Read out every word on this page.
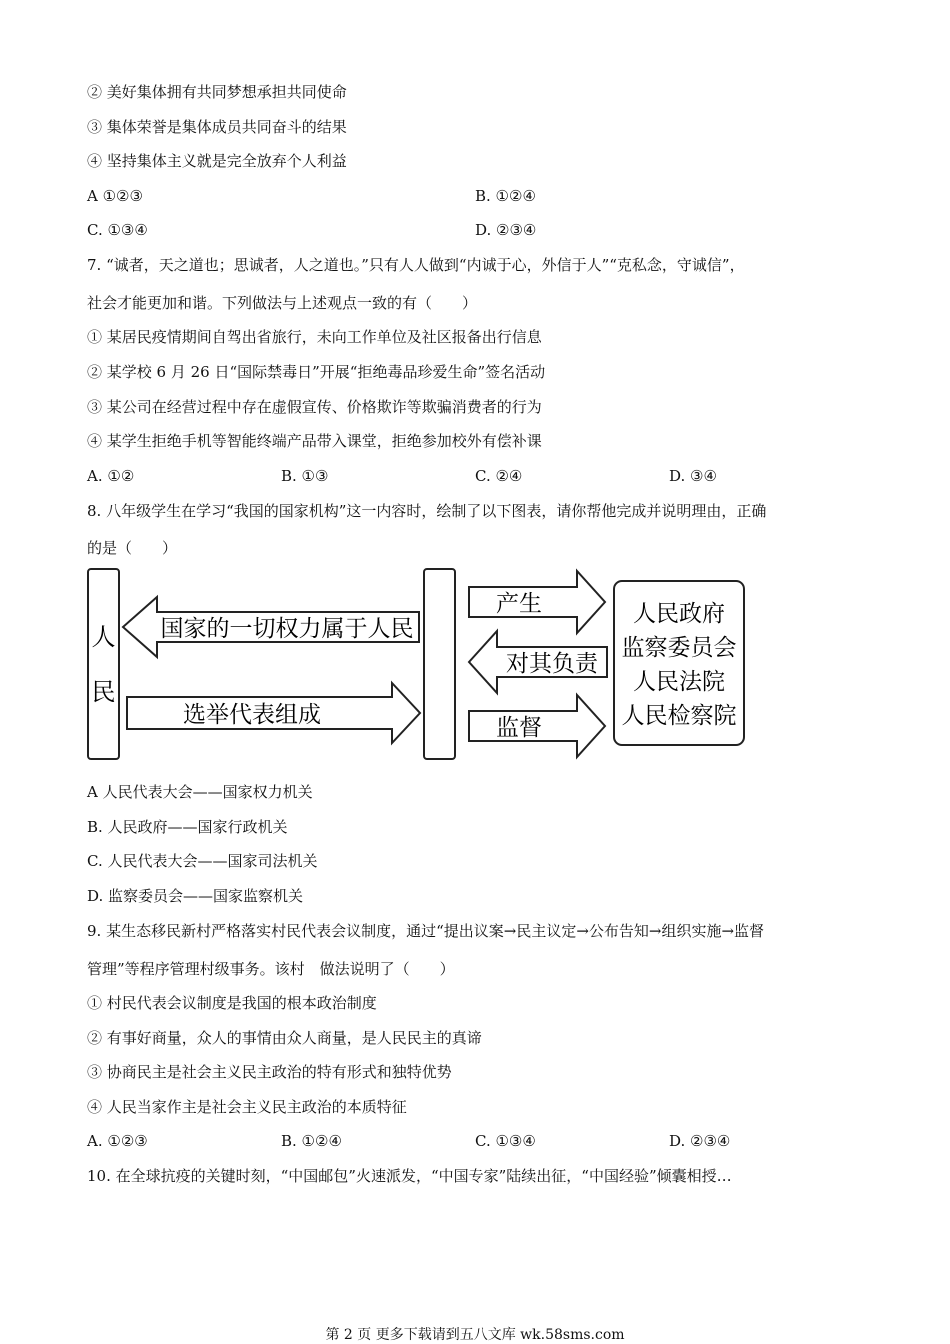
② 美好集体拥有共同梦想承担共同使命
③ 集体荣誉是集体成员共同奋斗的结果
④ 坚持集体主义就是完全放弃个人利益
A ①②③	B. ①②④
C. ①③④	D. ②③④
7. “诚者，天之道也；思诚者，人之道也。”只有人人做到“内诚于心，外信于人”“克私念，守诚信”，
社会才能更加和谐。下列做法与上述观点一致的有（　　）
① 某居民疫情期间自驾出省旅行，未向工作单位及社区报备出行信息
② 某学校 6 月 26 日“国际禁毒日”开展“拒绝毒品珍爱生命”签名活动
③ 某公司在经营过程中存在虚假宣传、价格欺诈等欺骗消费者的行为
④ 某学生拒绝手机等智能终端产品带入课堂，拒绝参加校外有偿补课
A. ①②	B. ①③	C. ②④	D. ③④
8. 八年级学生在学习“我国的国家机构”这一内容时，绘制了以下图表，请你帮他完成并说明理由，正确
的是（　　）
人
民
国家的一切权力属于人民
选举代表组成
产生
对其负责
监督
人民政府
监察委员会
人民法院
人民检察院
A 人民代表大会——国家权力机关
B. 人民政府——国家行政机关
C. 人民代表大会——国家司法机关
D. 监察委员会——国家监察机关
9. 某生态移民新村严格落实村民代表会议制度，通过“提出议案→民主议定→公布告知→组织实施→监督
管理”等程序管理村级事务。该村　做法说明了（　　）
① 村民代表会议制度是我国的根本政治制度
② 有事好商量，众人的事情由众人商量，是人民民主的真谛
③ 协商民主是社会主义民主政治的特有形式和独特优势
④ 人民当家作主是社会主义民主政治的本质特征
A. ①②③	B. ①②④	C. ①③④	D. ②③④
10. 在全球抗疫的关键时刻，“中国邮包”火速派发，“中国专家”陆续出征，“中国经验”倾囊相授…
第 2 页 更多下载请到五八文库 wk.58sms.com
